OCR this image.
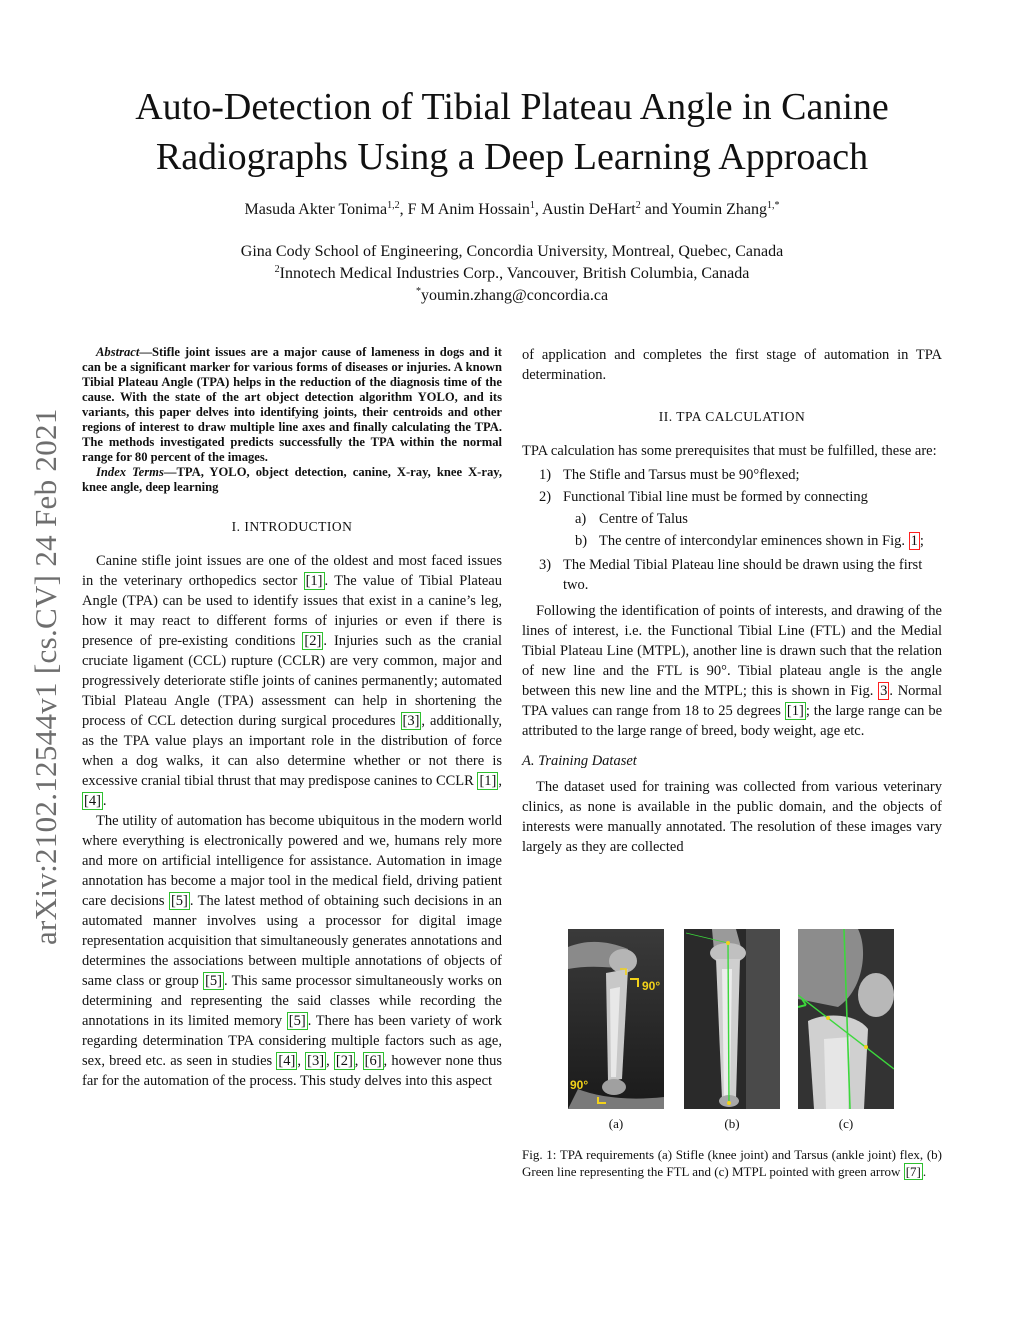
Auto-Detection of Tibial Plateau Angle in Canine
Radiographs Using a Deep Learning Approach
Masuda Akter Tonima$^{1,2}$, F M Anim Hossain$^1$, Austin DeHart$^2$ and Youmin Zhang$^{1,*}$
Gina Cody School of Engineering, Concordia University, Montreal, Quebec, Canada
$^2$Innotech Medical Industries Corp., Vancouver, British Columbia, Canada
*youmin.zhang@concordia.ca
arXiv:2102.12544v1 [cs.CV] 24 Feb 2021

Abstract—Stifle joint issues are a major cause of lameness in dogs and it can be a significant marker for various forms of diseases or injuries. A known Tibial Plateau Angle (TPA) helps in the reduction of the diagnosis time of the cause. With the state of the art object detection algorithm YOLO, and its variants, this paper delves into identifying joints, their centroids and other regions of interest to draw multiple line axes and finally calculating the TPA. The methods investigated predicts successfully the TPA within the normal range for 80 percent of the images.

Index Terms—TPA, YOLO, object detection, canine, X-ray, knee X-ray, knee angle, deep learning

I. INTRODUCTION

Canine stifle joint issues are one of the oldest and most faced issues in the veterinary orthopedics sector [1] . The value of Tibial Plateau Angle (TPA) can be used to identify issues that exist in a canine’s leg, how it may react to different forms of injuries or even if there is presence of pre-existing conditions [2] . Injuries such as the cranial cruciate ligament (CCL) rupture (CCLR) are very common, major and progressively deteriorate stifle joints of canines permanently; automated Tibial Plateau Angle (TPA) assessment can help in shortening the process of CCL detection during surgical procedures [3] , additionally, as the TPA value plays an important role in the distribution of force when a dog walks, it can also determine whether or not there is excessive cranial tibial thrust that may predispose canines to CCLR [1] , [4] .

The utility of automation has become ubiquitous in the modern world where everything is electronically powered and we, humans rely more and more on artificial intelligence for assistance. Automation in image annotation has become a major tool in the medical field, driving patient care decisions [5] . The latest method of obtaining such decisions in an automated manner involves using a processor for digital image representation acquisition that simultaneously generates annotations and determines the associations between multiple annotations of objects of same class or group [5] . This same processor simultaneously works on determining and representing the said classes while recording the annotations in its limited memory [5] . There has been variety of work regarding determination TPA considering multiple factors such as age, sex, breed etc. as seen in studies [4] , [3] , [2] , [6] , however none thus far for the automation of the process. This study delves into this aspect

of application and completes the first stage of automation in TPA determination.

II. TPA CALCULATION

TPA calculation has some prerequisites that must be fulfilled, these are:

1) The Stifle and Tarsus must be 90°flexed;
2) Functional Tibial line must be formed by connecting
a) Centre of Talus
b) The centre of intercondylar eminences shown in Fig. 1 ;
3) The Medial Tibial Plateau line should be drawn using the first two.

Following the identification of points of interests, and drawing of the lines of interest, i.e. the Functional Tibial Line (FTL) and the Medial Tibial Plateau Line (MTPL), another line is drawn such that the relation of new line and the FTL is 90°. Tibial plateau angle is the angle between this new line and the MTPL; this is shown in Fig. 3 . Normal TPA values can range from 18 to 25 degrees [1] ; the large range can be attributed to the large range of breed, body weight, age etc.

A. Training Dataset

The dataset used for training was collected from various veterinary clinics, as none is available in the public domain, and the objects of interests were manually annotated. The resolution of these images vary largely as they are collected

90°
90°
(a)	(b)	(c)
Fig. 1: TPA requirements (a) Stifle (knee joint) and Tarsus (ankle joint) flex, (b) Green line representing the FTL and (c) MTPL pointed with green arrow [7] .
